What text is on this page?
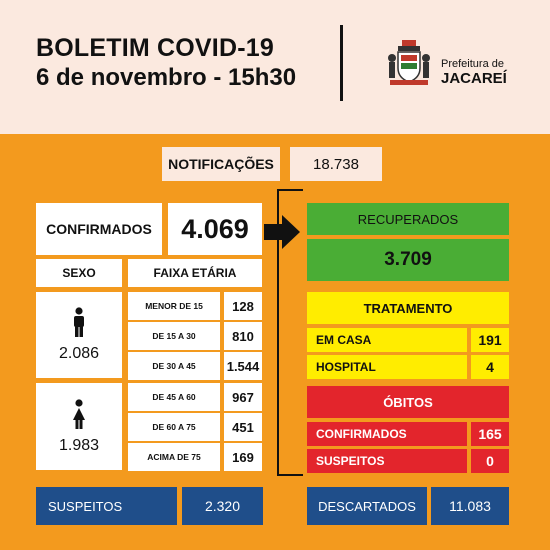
BOLETIM COVID-19
6 de novembro - 15h30	Prefeitura de
JACAREÍ
NOTIFICAÇÕES	18.738
CONFIRMADOS	4.069
SEXO	FAIXA ETÁRIA
2.086
1.983
MENOR DE 15	128
DE 15 A 30	810
DE 30 A 45	1.544
DE 45 A 60	967
DE 60 A 75	451
ACIMA DE 75	169
RECUPERADOS
3.709
TRATAMENTO
EM CASA	191
HOSPITAL	4
ÓBITOS
CONFIRMADOS	165
SUSPEITOS	0
SUSPEITOS	2.320	DESCARTADOS	11.083
